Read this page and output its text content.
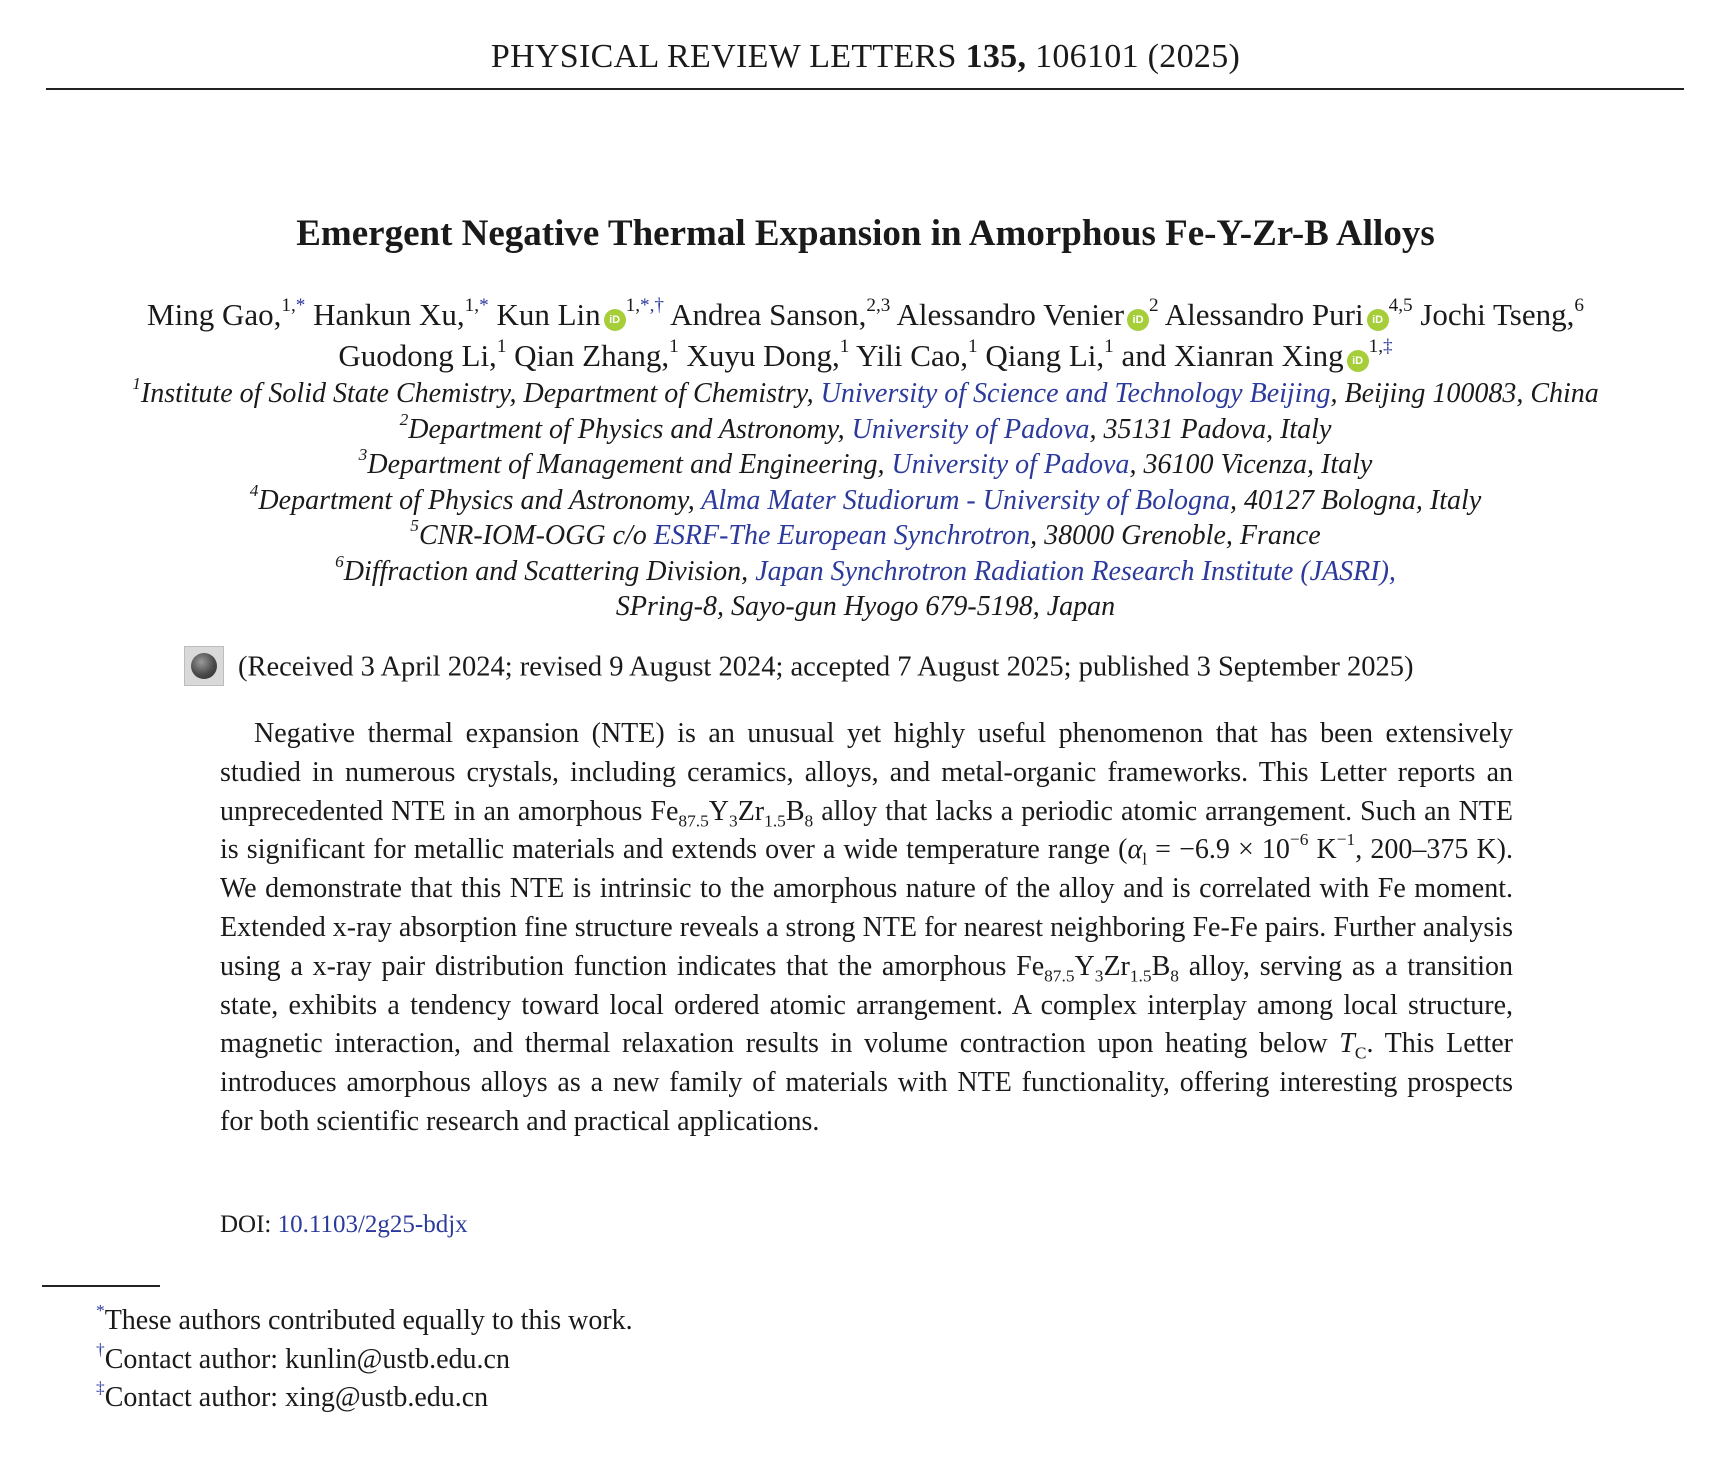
PHYSICAL REVIEW LETTERS 135, 106101 (2025)
Emergent Negative Thermal Expansion in Amorphous Fe-Y-Zr-B Alloys
Ming Gao,$^{1,*}$ Hankun Xu,$^{1,*}$ Kun Lin $iD^{1,*,\dagger}$ Andrea Sanson,$^{2,3}$ Alessandro Venier $iD^2$ Alessandro Puri iD$^{4,5}$ Jochi Tseng,$^6$
Guodong Li,$^1$ Qian Zhang,$^1$ Xuyu Dong,$^1$ Yili Cao,$^1$ Qiang Li,$^1$ and Xianran Xing $iD^{1,\ddagger}$
$^1$Institute of Solid State Chemistry, Department of Chemistry, University of Science and Technology Beijing, Beijing 100083, China
$^2$Department of Physics and Astronomy, University of Padova, 35131 Padova, Italy
$^3$Department of Management and Engineering, University of Padova, 36100 Vicenza, Italy
$^4$Department of Physics and Astronomy, Alma Mater Studiorum - University of Bologna, 40127 Bologna, Italy
$^5$CNR-IOM-OGG c/o ESRF-The European Synchrotron, 38000 Grenoble, France
$^6$Diffraction and Scattering Division, Japan Synchrotron Radiation Research Institute (JASRI),
SPring-8, Sayo-gun Hyogo 679-5198, Japan
(Received 3 April 2024; revised 9 August 2024; accepted 7 August 2025; published 3 September 2025)
Negative thermal expansion (NTE) is an unusual yet highly useful phenomenon that has been extensively studied in numerous crystals, including ceramics, alloys, and metal-organic frameworks. This Letter reports an unprecedented NTE in an amorphous $Fe_{87.5}Y_3Zr_{1.5}B_8$ alloy that lacks a periodic atomic arrangement. Such an NTE is significant for metallic materials and extends over a wide temperature range ($\alpha_l = -6.9 \times 10^{-6}$ $K^{-1}$, 200–375 K). We demonstrate that this NTE is intrinsic to the amorphous nature of the alloy and is correlated with Fe moment. Extended x-ray absorption fine structure reveals a strong NTE for nearest neighboring Fe-Fe pairs. Further analysis using a x-ray pair distribution function indicates that the amorphous $Fe_{87.5}Y_3Zr_{1.5}B_8$ alloy, serving as a transition state, exhibits a tendency toward local ordered atomic arrangement. A complex interplay among local structure, magnetic interaction, and thermal relaxation results in volume contraction upon heating below $T_C$. This Letter introduces amorphous alloys as a new family of materials with NTE functionality, offering interesting prospects for both scientific research and practical applications.
DOI: 10.1103/2g25-bdjx
*These authors contributed equally to this work.
†Contact author: kunlin@ustb.edu.cn
‡Contact author: xing@ustb.edu.cn
